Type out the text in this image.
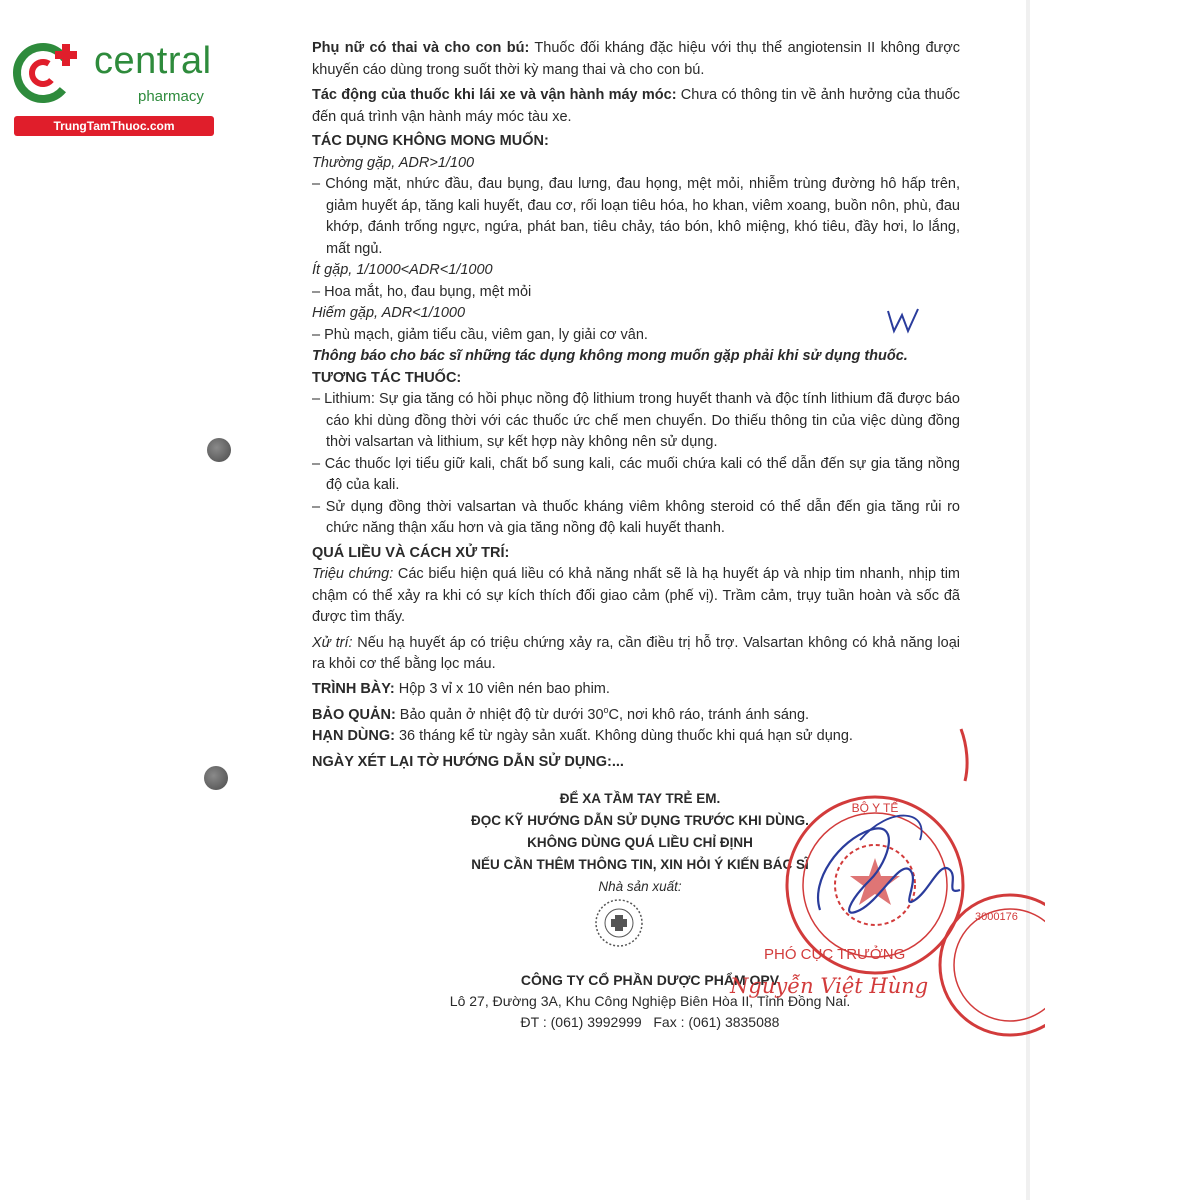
central
pharmacy
TrungTamThuoc.com

Phụ nữ có thai và cho con bú: Thuốc đối kháng đặc hiệu với thụ thể angiotensin II không được khuyến cáo dùng trong suốt thời kỳ mang thai và cho con bú.

Tác động của thuốc khi lái xe và vận hành máy móc: Chưa có thông tin về ảnh hưởng của thuốc đến quá trình vận hành máy móc tàu xe.

TÁC DỤNG KHÔNG MONG MUỐN:

Thường gặp, ADR>1/100

– Chóng mặt, nhức đầu, đau bụng, đau lưng, đau họng, mệt mỏi, nhiễm trùng đường hô hấp trên, giảm huyết áp, tăng kali huyết, đau cơ, rối loạn tiêu hóa, ho khan, viêm xoang, buồn nôn, phù, đau khớp, đánh trống ngực, ngứa, phát ban, tiêu chảy, táo bón, khô miệng, khó tiêu, đầy hơi, lo lắng, mất ngủ.

Ít gặp, 1/1000<ADR<1/1000

– Hoa mắt, ho, đau bụng, mệt mỏi

Hiếm gặp, ADR<1/1000

– Phù mạch, giảm tiểu cầu, viêm gan, ly giải cơ vân.

Thông báo cho bác sĩ những tác dụng không mong muốn gặp phải khi sử dụng thuốc.

TƯƠNG TÁC THUỐC:

– Lithium: Sự gia tăng có hồi phục nồng độ lithium trong huyết thanh và độc tính lithium đã được báo cáo khi dùng đồng thời với các thuốc ức chế men chuyển. Do thiếu thông tin của việc dùng đồng thời valsartan và lithium, sự kết hợp này không nên sử dụng.

– Các thuốc lợi tiểu giữ kali, chất bổ sung kali, các muối chứa kali có thể dẫn đến sự gia tăng nồng độ của kali.

– Sử dụng đồng thời valsartan và thuốc kháng viêm không steroid có thể dẫn đến gia tăng rủi ro chức năng thận xấu hơn và gia tăng nồng độ kali huyết thanh.

QUÁ LIỀU VÀ CÁCH XỬ TRÍ:

Triệu chứng: Các biểu hiện quá liều có khả năng nhất sẽ là hạ huyết áp và nhịp tim nhanh, nhịp tim chậm có thể xảy ra khi có sự kích thích đối giao cảm (phế vị). Trầm cảm, trụy tuần hoàn và sốc đã được tìm thấy.

Xử trí: Nếu hạ huyết áp có triệu chứng xảy ra, cần điều trị hỗ trợ. Valsartan không có khả năng loại ra khỏi cơ thể bằng lọc máu.

TRÌNH BÀY: Hộp 3 vỉ x 10 viên nén bao phim.

BẢO QUẢN: Bảo quản ở nhiệt độ từ dưới 30$^o$C, nơi khô ráo, tránh ánh sáng.

HẠN DÙNG: 36 tháng kể từ ngày sản xuất. Không dùng thuốc khi quá hạn sử dụng.

NGÀY XÉT LẠI TỜ HƯỚNG DẪN SỬ DỤNG:...

ĐỂ XA TẦM TAY TRẺ EM.

ĐỌC KỸ HƯỚNG DẪN SỬ DỤNG TRƯỚC KHI DÙNG.

KHÔNG DÙNG QUÁ LIỀU CHỈ ĐỊNH

NẾU CẦN THÊM THÔNG TIN, XIN HỎI Ý KIẾN BÁC SĨ

Nhà sản xuất:

CÔNG TY CỔ PHẦN DƯỢC PHẨM OPV

Lô 27, Đường 3A, Khu Công Nghiệp Biên Hòa II, Tỉnh Đồng Nai.

ĐT : (061) 3992999   Fax : (061) 3835088

BỘ Y TẾ
3000176
PHÓ CỤC TRƯỞNG
Nguyễn Việt Hùng
